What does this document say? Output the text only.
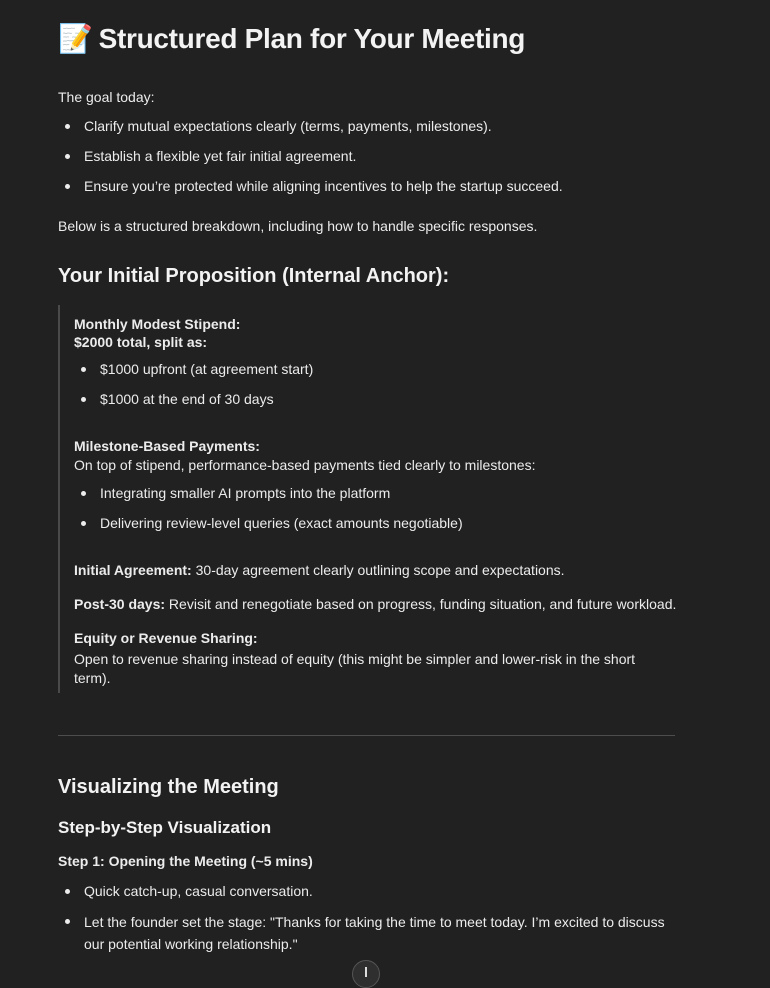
📝 Structured Plan for Your Meeting

The goal today:

Clarify mutual expectations clearly (terms, payments, milestones).
Establish a flexible yet fair initial agreement.
Ensure you’re protected while aligning incentives to help the startup succeed.

Below is a structured breakdown, including how to handle specific responses.

Your Initial Proposition (Internal Anchor):
Monthly Modest Stipend:
$2000 total, split as:
$1000 upfront (at agreement start)
$1000 at the end of 30 days
Milestone-Based Payments:
On top of stipend, performance-based payments tied clearly to milestones:
Integrating smaller AI prompts into the platform
Delivering review-level queries (exact amounts negotiable)
Initial Agreement: 30-day agreement clearly outlining scope and expectations.
Post-30 days: Revisit and renegotiate based on progress, funding situation, and future workload.
Equity or Revenue Sharing:
Open to revenue sharing instead of equity (this might be simpler and lower-risk in the short
term).
Visualizing the Meeting
Step-by-Step Visualization

Step 1: Opening the Meeting (~5 mins)

Quick catch-up, casual conversation.
Let the founder set the stage: "Thanks for taking the time to meet today. I’m excited to discuss
our potential working relationship."
